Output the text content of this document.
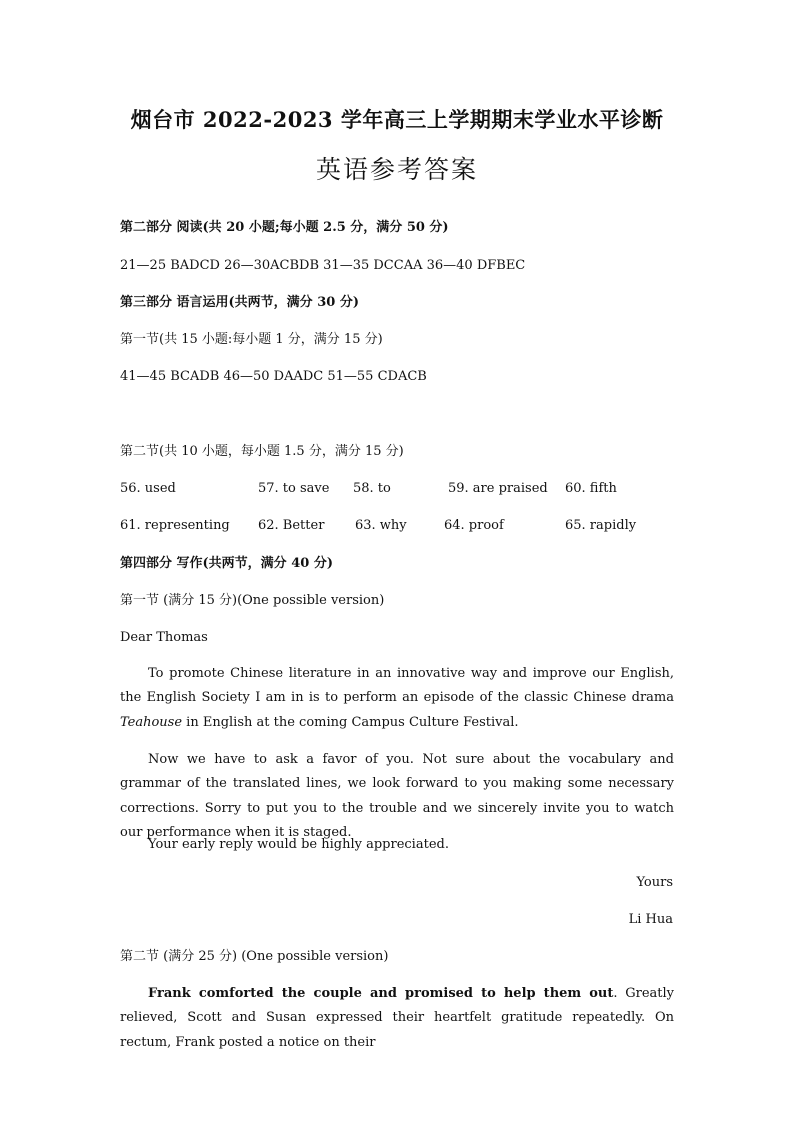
烟台市 2022-2023 学年高三上学期期末学业水平诊断
英语参考答案
第二部分 阅读(共 20 小题;每小题 2.5 分，满分 50 分)
21—25 BADCD 26—30ACBDB 31—35 DCCAA 36—40 DFBEC
第三部分 语言运用(共两节，满分 30 分)
第一节(共 15 小题:每小题 1 分，满分 15 分)
41—45 BCADB 46—50 DAADC 51—55 CDACB
第二节(共 10 小题，每小题 1.5 分，满分 15 分)
56. used	57. to save 58. to	59. are praised 60. fifth
61. representing 62. Better 63. why	64. proof	65. rapidly
第四部分 写作(共两节，满分 40 分)
第一节 (满分 15 分)(One possible version)
Dear Thomas
To promote Chinese literature in an innovative way and improve our English, the English Society I am in is to perform an episode of the classic Chinese drama Teahouse in English at the coming Campus Culture Festival.
Now we have to ask a favor of you. Not sure about the vocabulary and grammar of the translated lines, we look forward to you making some necessary corrections. Sorry to put you to the trouble and we sincerely invite you to watch our performance when it is staged.
Your early reply would be highly appreciated.
Yours
Li Hua
第二节 (满分 25 分) (One possible version)
Frank comforted the couple and promised to help them out. Greatly relieved, Scott and Susan expressed their heartfelt gratitude repeatedly. On rectum, Frank posted a notice on their
